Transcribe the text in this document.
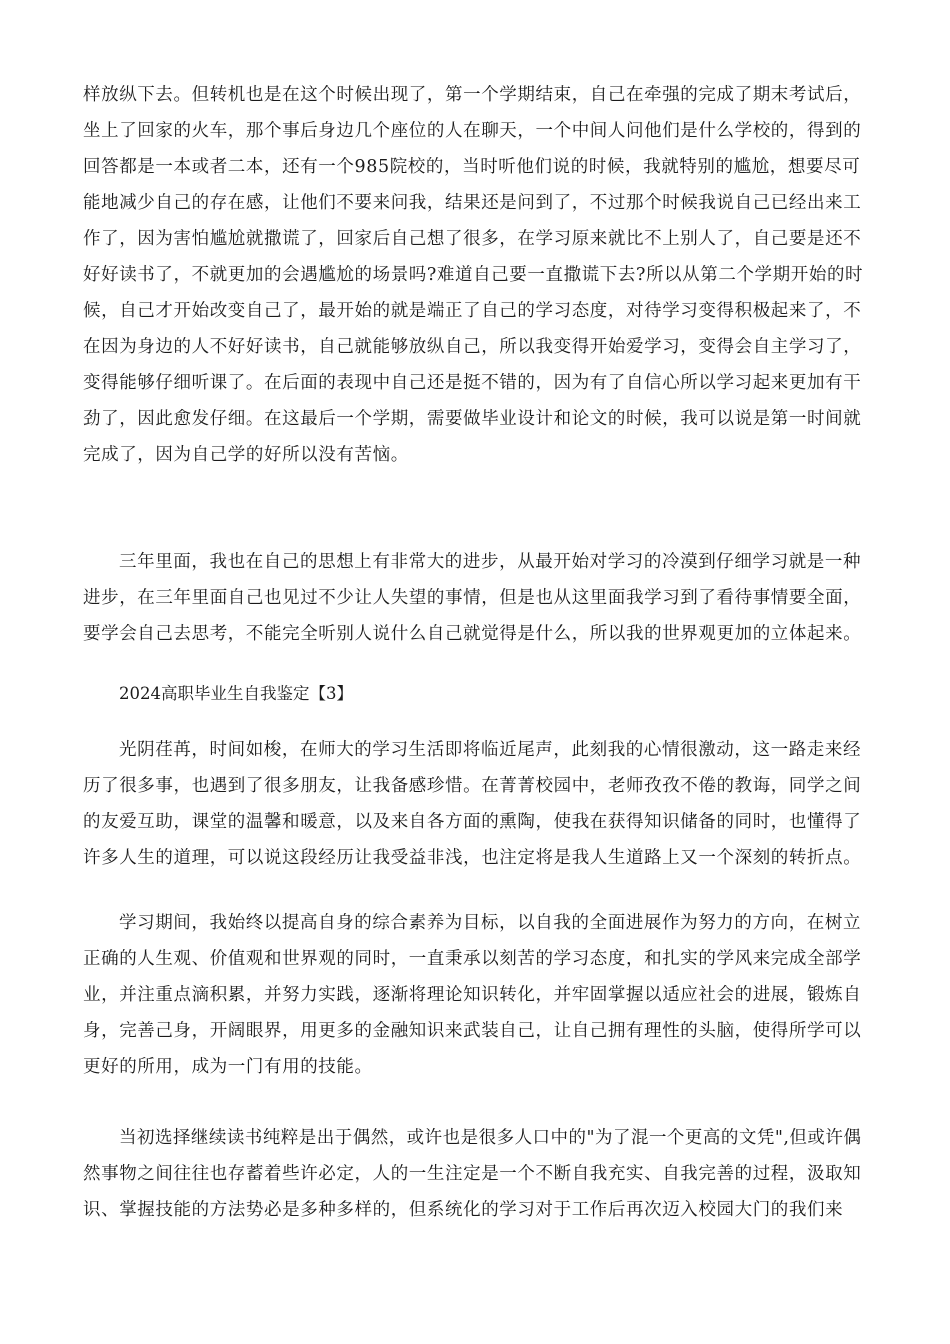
样放纵下去。但转机也是在这个时候出现了，第一个学期结束，自己在牵强的完成了期末考试后，
坐上了回家的火车，那个事后身边几个座位的人在聊天，一个中间人问他们是什么学校的，得到的
回答都是一本或者二本，还有一个985院校的，当时听他们说的时候，我就特别的尴尬，想要尽可
能地减少自己的存在感，让他们不要来问我，结果还是问到了，不过那个时候我说自己已经出来工
作了，因为害怕尴尬就撒谎了，回家后自己想了很多，在学习原来就比不上别人了，自己要是还不
好好读书了，不就更加的会遇尴尬的场景吗?难道自己要一直撒谎下去?所以从第二个学期开始的时
候，自己才开始改变自己了，最开始的就是端正了自己的学习态度，对待学习变得积极起来了，不
在因为身边的人不好好读书，自己就能够放纵自己，所以我变得开始爱学习，变得会自主学习了，
变得能够仔细听课了。在后面的表现中自己还是挺不错的，因为有了自信心所以学习起来更加有干
劲了，因此愈发仔细。在这最后一个学期，需要做毕业设计和论文的时候，我可以说是第一时间就
完成了，因为自己学的好所以没有苦恼。
三年里面，我也在自己的思想上有非常大的进步，从最开始对学习的冷漠到仔细学习就是一种
进步，在三年里面自己也见过不少让人失望的事情，但是也从这里面我学习到了看待事情要全面，
要学会自己去思考，不能完全听别人说什么自己就觉得是什么，所以我的世界观更加的立体起来。
2024高职毕业生自我鉴定【3】
光阴荏苒，时间如梭，在师大的学习生活即将临近尾声，此刻我的心情很激动，这一路走来经
历了很多事，也遇到了很多朋友，让我备感珍惜。在菁菁校园中，老师孜孜不倦的教诲，同学之间
的友爱互助，课堂的温馨和暖意，以及来自各方面的熏陶，使我在获得知识储备的同时，也懂得了
许多人生的道理，可以说这段经历让我受益非浅，也注定将是我人生道路上又一个深刻的转折点。
学习期间，我始终以提高自身的综合素养为目标，以自我的全面进展作为努力的方向，在树立
正确的人生观、价值观和世界观的同时，一直秉承以刻苦的学习态度，和扎实的学风来完成全部学
业，并注重点滴积累，并努力实践，逐渐将理论知识转化，并牢固掌握以适应社会的进展，锻炼自
身，完善己身，开阔眼界，用更多的金融知识来武装自己，让自己拥有理性的头脑，使得所学可以
更好的所用，成为一门有用的技能。
当初选择继续读书纯粹是出于偶然，或许也是很多人口中的"为了混一个更高的文凭",但或许偶
然事物之间往往也存蓄着些许必定，人的一生注定是一个不断自我充实、自我完善的过程，汲取知
识、掌握技能的方法势必是多种多样的，但系统化的学习对于工作后再次迈入校园大门的我们来
